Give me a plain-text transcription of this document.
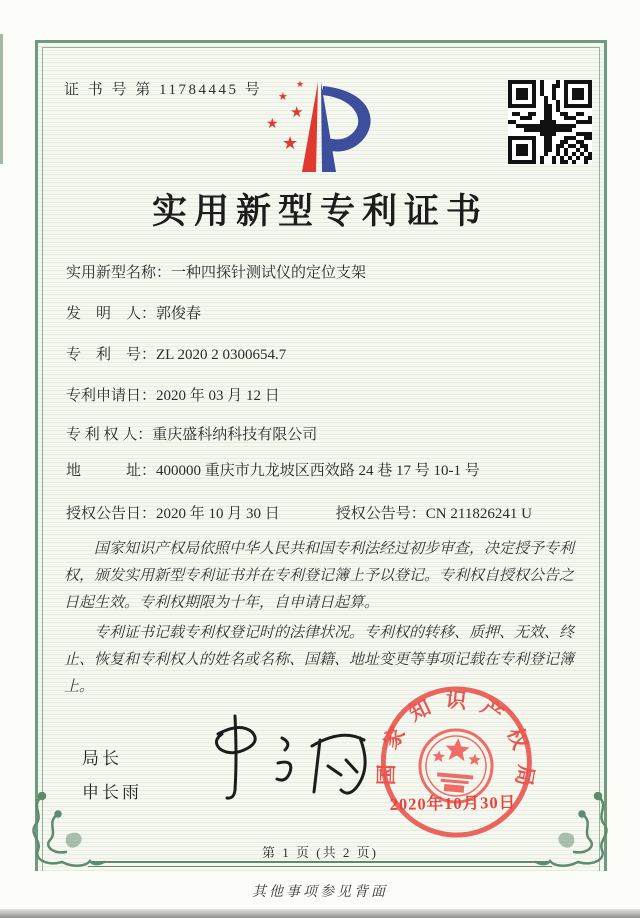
证 书 号 第 11784445 号	★
★
★
★
★
实用新型专利证书
实用新型名称：一种四探针测试仪的定位支架
发　明　人：郭俊春
专　利　号：ZL 2020 2 0300654.7
专利申请日：2020 年 03 月 12 日
专 利 权 人：重庆盛科纳科技有限公司
地　　　址：400000 重庆市九龙坡区西效路 24 巷 17 号 10-1 号
授权公告日：2020 年 10 月 30 日	授权公告号：CN 211826241 U

国家知识产权局依照中华人民共和国专利法经过初步审查，决定授予专利权，颁发实用新型专利证书并在专利登记簿上予以登记。专利权自授权公告之日起生效。专利权期限为十年，自申请日起算。

专利证书记载专利权登记时的法律状况。专利权的转移、质押、无效、终止、恢复和专利权人的姓名或名称、国籍、地址变更等事项记载在专利登记簿上。

局长
申长雨
国家知识产权局
2020年10月30日
第 1 页 (共 2 页)
其他事项参见背面
